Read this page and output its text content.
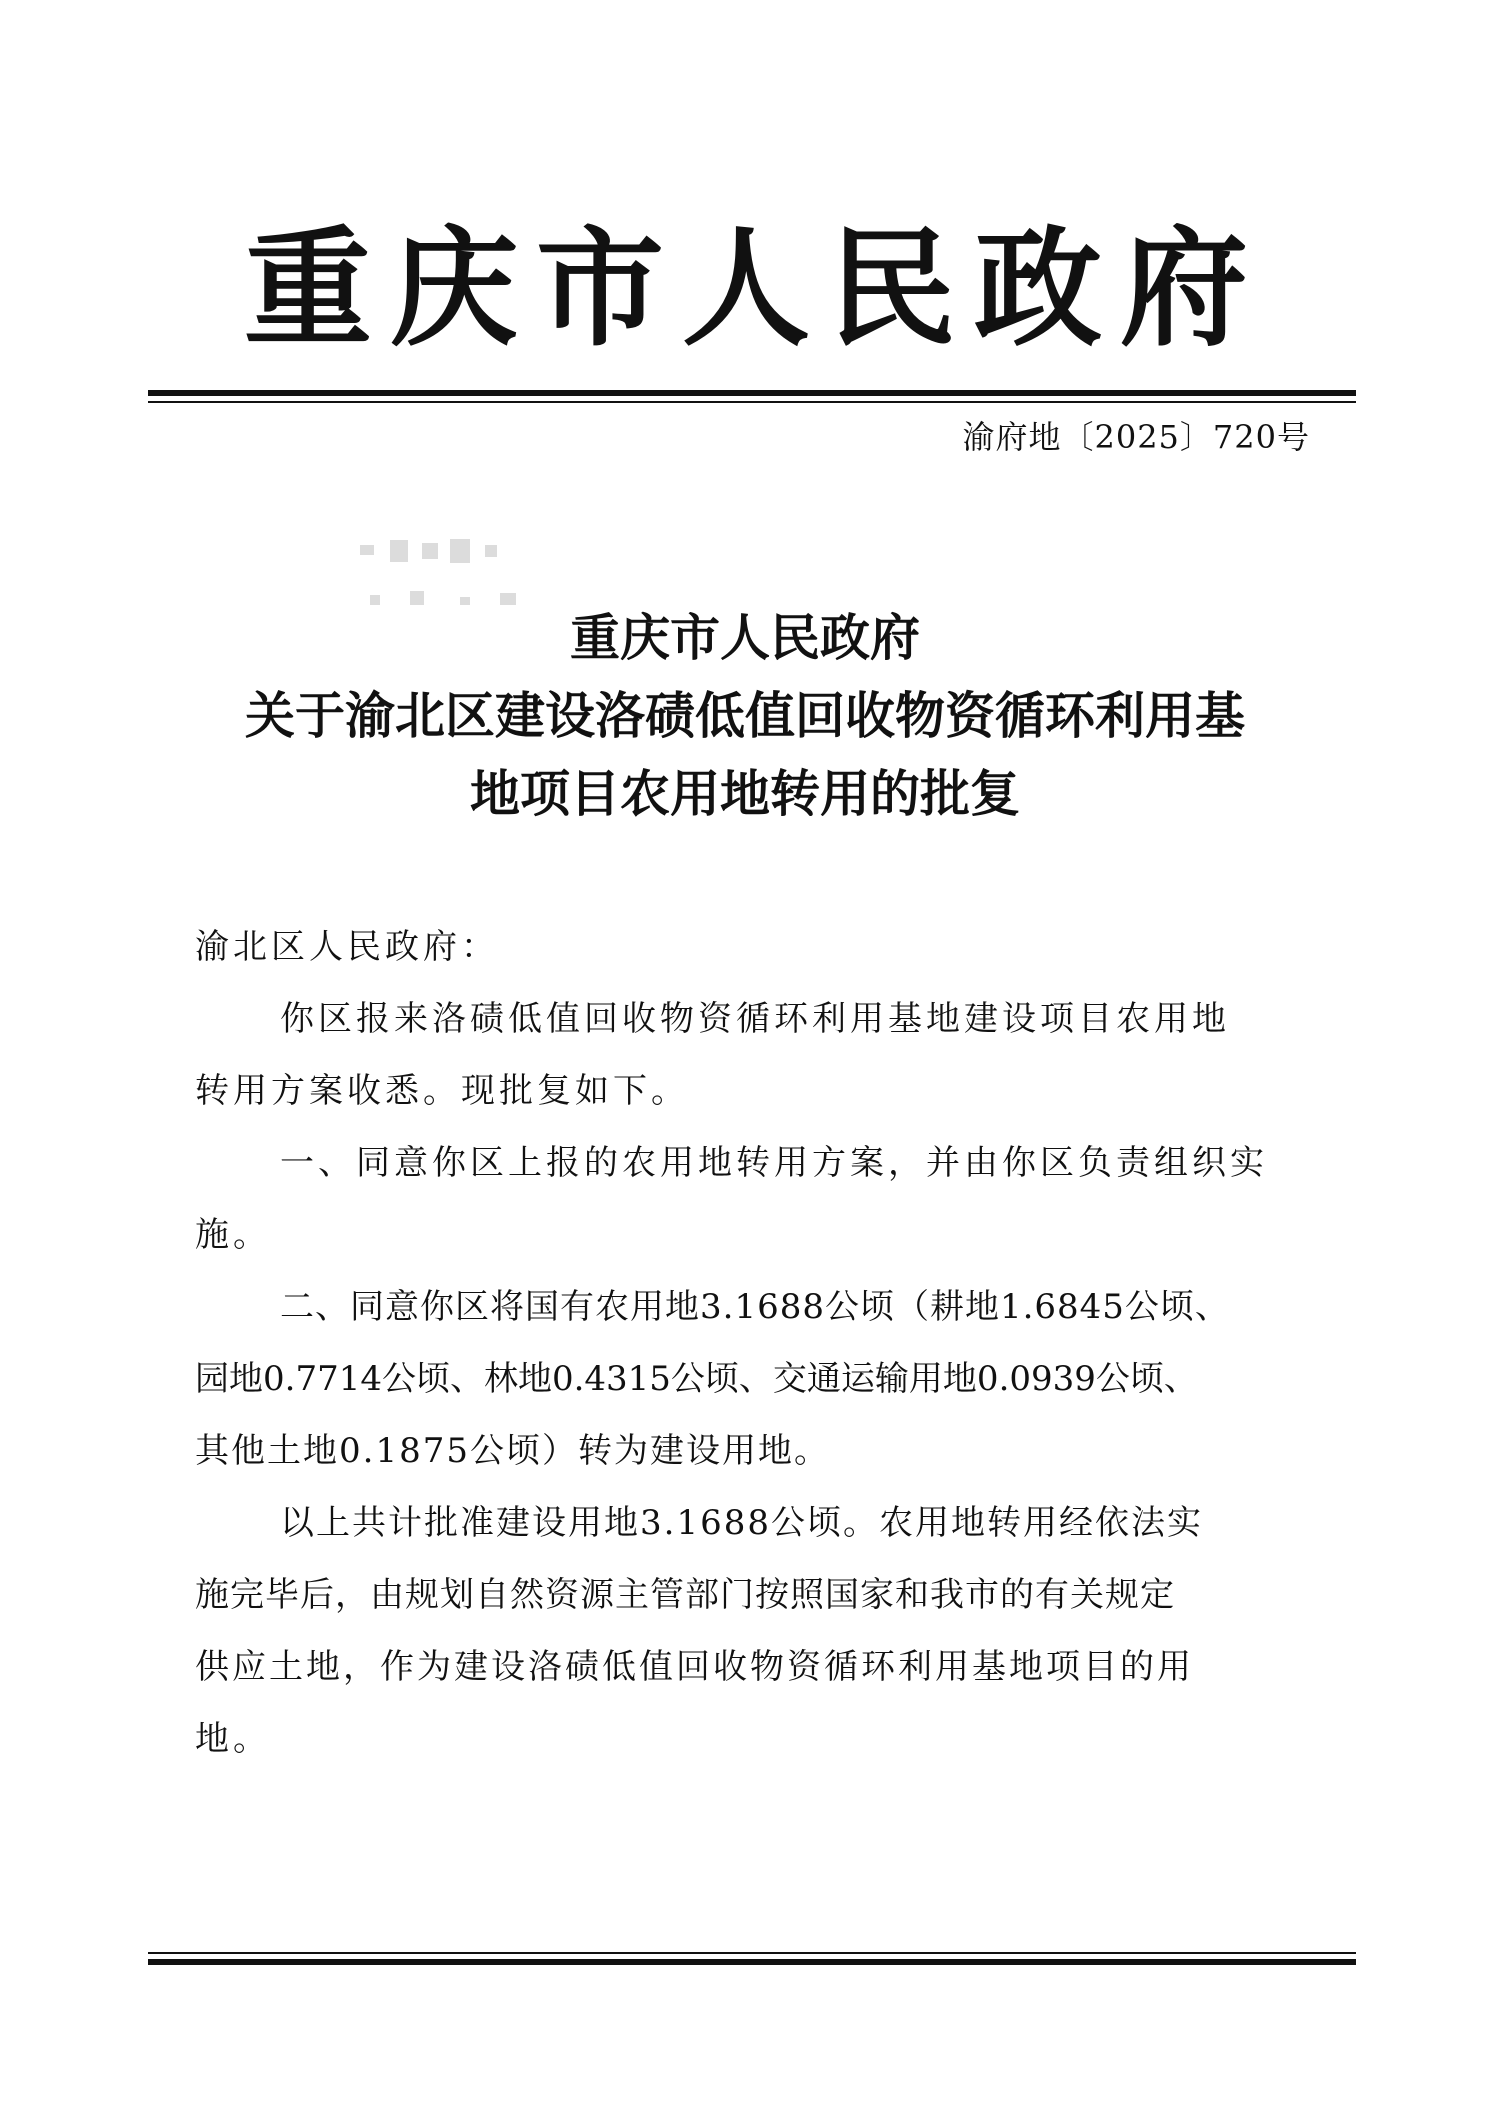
重庆市人民政府
渝府地〔2025〕720号
重庆市人民政府
关于渝北区建设洛碛低值回收物资循环利用基
地项目农用地转用的批复
渝北区人民政府：
你区报来洛碛低值回收物资循环利用基地建设项目农用地
转用方案收悉。现批复如下。
一、同意你区上报的农用地转用方案，并由你区负责组织实
施。
二、同意你区将国有农用地3.1688公顷（耕地1.6845公顷、
园地0.7714公顷、林地0.4315公顷、交通运输用地0.0939公顷、
其他土地0.1875公顷）转为建设用地。
以上共计批准建设用地3.1688公顷。农用地转用经依法实
施完毕后，由规划自然资源主管部门按照国家和我市的有关规定
供应土地，作为建设洛碛低值回收物资循环利用基地项目的用
地。
